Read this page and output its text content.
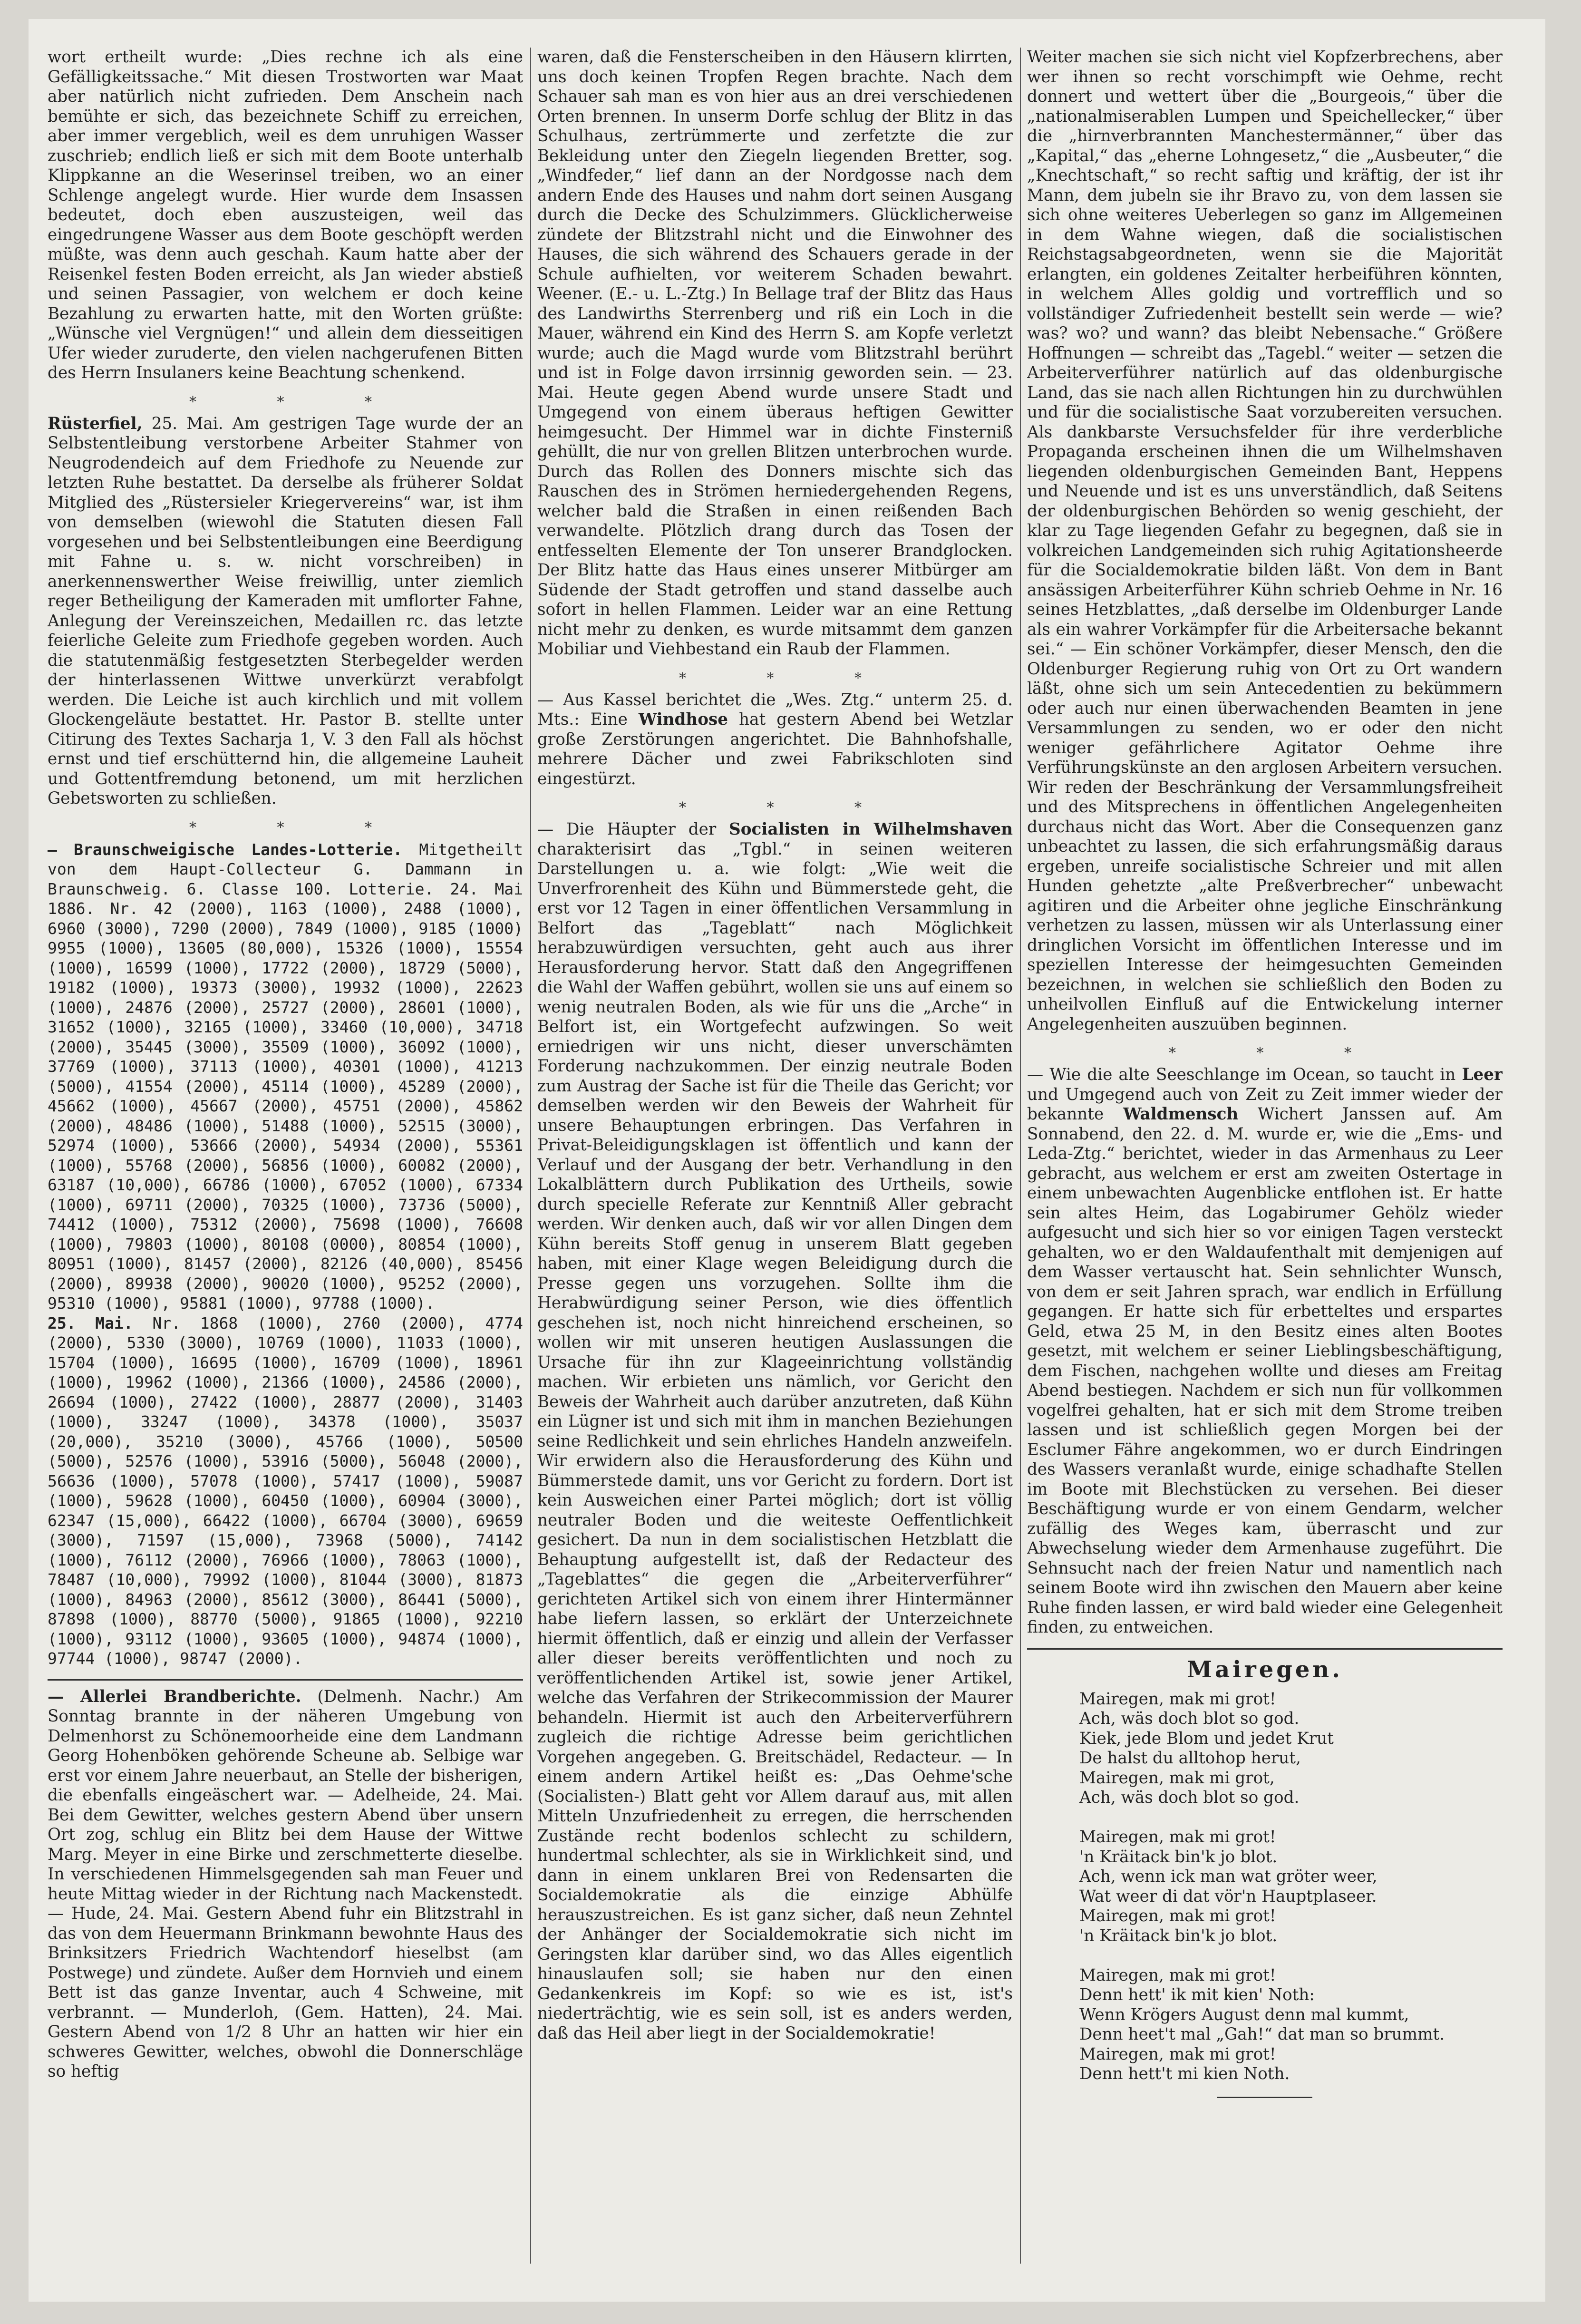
wort ertheilt wurde: „Dies rechne ich als eine Gefälligkeitssache.“ Mit diesen Trostworten war Maat aber natürlich nicht zufrieden. Dem Anschein nach bemühte er sich, das bezeichnete Schiff zu erreichen, aber immer vergeblich, weil es dem unruhigen Wasser zuschrieb; endlich ließ er sich mit dem Boote unterhalb Klippkanne an die Weserinsel treiben, wo an einer Schlenge angelegt wurde. Hier wurde dem Insassen bedeutet, doch eben auszusteigen, weil das eingedrungene Wasser aus dem Boote geschöpft werden müßte, was denn auch geschah. Kaum hatte aber der Reisenkel festen Boden erreicht, als Jan wieder abstieß und seinen Passagier, von welchem er doch keine Bezahlung zu erwarten hatte, mit den Worten grüßte: „Wünsche viel Vergnügen!“ und allein dem diesseitigen Ufer wieder zuruderte, den vielen nachgerufenen Bitten des Herrn Insulaners keine Beachtung schenkend.

* * *

Rüsterfiel, 25. Mai. Am gestrigen Tage wurde der an Selbstentleibung verstorbene Arbeiter Stahmer von Neugrodendeich auf dem Friedhofe zu Neuende zur letzten Ruhe bestattet. Da derselbe als früherer Soldat Mitglied des „Rüstersieler Kriegervereins“ war, ist ihm von demselben (wiewohl die Statuten diesen Fall vorgesehen und bei Selbstentleibungen eine Beerdigung mit Fahne u. s. w. nicht vorschreiben) in anerkennenswerther Weise freiwillig, unter ziemlich reger Betheiligung der Kameraden mit umflorter Fahne, Anlegung der Vereinszeichen, Medaillen rc. das letzte feierliche Geleite zum Friedhofe gegeben worden. Auch die statutenmäßig festgesetzten Sterbegelder werden der hinterlassenen Wittwe unverkürzt verabfolgt werden. Die Leiche ist auch kirchlich und mit vollem Glockengeläute bestattet. Hr. Pastor B. stellte unter Citirung des Textes Sacharja 1, V. 3 den Fall als höchst ernst und tief erschütternd hin, die allgemeine Lauheit und Gottentfremdung betonend, um mit herzlichen Gebetsworten zu schließen.

* * *

— Braunschweigische Landes-Lotterie. Mitgetheilt von dem Haupt-Collecteur G. Dammann in Braunschweig. 6. Classe 100. Lotterie. 24. Mai 1886. Nr. 42 (2000), 1163 (1000), 2488 (1000), 6960 (3000), 7290 (2000), 7849 (1000), 9185 (1000) 9955 (1000), 13605 (80,000), 15326 (1000), 15554 (1000), 16599 (1000), 17722 (2000), 18729 (5000), 19182 (1000), 19373 (3000), 19932 (1000), 22623 (1000), 24876 (2000), 25727 (2000), 28601 (1000), 31652 (1000), 32165 (1000), 33460 (10,000), 34718 (2000), 35445 (3000), 35509 (1000), 36092 (1000), 37769 (1000), 37113 (1000), 40301 (1000), 41213 (5000), 41554 (2000), 45114 (1000), 45289 (2000), 45662 (1000), 45667 (2000), 45751 (2000), 45862 (2000), 48486 (1000), 51488 (1000), 52515 (3000), 52974 (1000), 53666 (2000), 54934 (2000), 55361 (1000), 55768 (2000), 56856 (1000), 60082 (2000), 63187 (10,000), 66786 (1000), 67052 (1000), 67334 (1000), 69711 (2000), 70325 (1000), 73736 (5000), 74412 (1000), 75312 (2000), 75698 (1000), 76608 (1000), 79803 (1000), 80108 (0000), 80854 (1000), 80951 (1000), 81457 (2000), 82126 (40,000), 85456 (2000), 89938 (2000), 90020 (1000), 95252 (2000), 95310 (1000), 95881 (1000), 97788 (1000).
25. Mai. Nr. 1868 (1000), 2760 (2000), 4774 (2000), 5330 (3000), 10769 (1000), 11033 (1000), 15704 (1000), 16695 (1000), 16709 (1000), 18961 (1000), 19962 (1000), 21366 (1000), 24586 (2000), 26694 (1000), 27422 (1000), 28877 (2000), 31403 (1000), 33247 (1000), 34378 (1000), 35037 (20,000), 35210 (3000), 45766 (1000), 50500 (5000), 52576 (1000), 53916 (5000), 56048 (2000), 56636 (1000), 57078 (1000), 57417 (1000), 59087 (1000), 59628 (1000), 60450 (1000), 60904 (3000), 62347 (15,000), 66422 (1000), 66704 (3000), 69659 (3000), 71597 (15,000), 73968 (5000), 74142 (1000), 76112 (2000), 76966 (1000), 78063 (1000), 78487 (10,000), 79992 (1000), 81044 (3000), 81873 (1000), 84963 (2000), 85612 (3000), 86441 (5000), 87898 (1000), 88770 (5000), 91865 (1000), 92210 (1000), 93112 (1000), 93605 (1000), 94874 (1000), 97744 (1000), 98747 (2000).

— Allerlei Brandberichte. (Delmenh. Nachr.) Am Sonntag brannte in der näheren Umgebung von Delmenhorst zu Schönemoorheide eine dem Landmann Georg Hohenböken gehörende Scheune ab. Selbige war erst vor einem Jahre neuerbaut, an Stelle der bisherigen, die ebenfalls eingeäschert war. — Adelheide, 24. Mai. Bei dem Gewitter, welches gestern Abend über unsern Ort zog, schlug ein Blitz bei dem Hause der Wittwe Marg. Meyer in eine Birke und zerschmetterte dieselbe. In verschiedenen Himmelsgegenden sah man Feuer und heute Mittag wieder in der Richtung nach Mackenstedt. — Hude, 24. Mai. Gestern Abend fuhr ein Blitzstrahl in das von dem Heuermann Brinkmann bewohnte Haus des Brinksitzers Friedrich Wachtendorf hieselbst (am Postwege) und zündete. Außer dem Hornvieh und einem Bett ist das ganze Inventar, auch 4 Schweine, mit verbrannt. — Munderloh, (Gem. Hatten), 24. Mai. Gestern Abend von 1/2 8 Uhr an hatten wir hier ein schweres Gewitter, welches, obwohl die Donnerschläge so heftig

waren, daß die Fensterscheiben in den Häusern klirrten, uns doch keinen Tropfen Regen brachte. Nach dem Schauer sah man es von hier aus an drei verschiedenen Orten brennen. In unserm Dorfe schlug der Blitz in das Schulhaus, zertrümmerte und zerfetzte die zur Bekleidung unter den Ziegeln liegenden Bretter, sog. „Windfeder,“ lief dann an der Nordgosse nach dem andern Ende des Hauses und nahm dort seinen Ausgang durch die Decke des Schulzimmers. Glücklicherweise zündete der Blitzstrahl nicht und die Einwohner des Hauses, die sich während des Schauers gerade in der Schule aufhielten, vor weiterem Schaden bewahrt. Weener. (E.- u. L.-Ztg.) In Bellage traf der Blitz das Haus des Landwirths Sterrenberg und riß ein Loch in die Mauer, während ein Kind des Herrn S. am Kopfe verletzt wurde; auch die Magd wurde vom Blitzstrahl berührt und ist in Folge davon irrsinnig geworden sein. — 23. Mai. Heute gegen Abend wurde unsere Stadt und Umgegend von einem überaus heftigen Gewitter heimgesucht. Der Himmel war in dichte Finsterniß gehüllt, die nur von grellen Blitzen unterbrochen wurde. Durch das Rollen des Donners mischte sich das Rauschen des in Strömen herniedergehenden Regens, welcher bald die Straßen in einen reißenden Bach verwandelte. Plötzlich drang durch das Tosen der entfesselten Elemente der Ton unserer Brandglocken. Der Blitz hatte das Haus eines unserer Mitbürger am Südende der Stadt getroffen und stand dasselbe auch sofort in hellen Flammen. Leider war an eine Rettung nicht mehr zu denken, es wurde mitsammt dem ganzen Mobiliar und Viehbestand ein Raub der Flammen.

* * *

— Aus Kassel berichtet die „Wes. Ztg.“ unterm 25. d. Mts.: Eine Windhose hat gestern Abend bei Wetzlar große Zerstörungen angerichtet. Die Bahnhofshalle, mehrere Dächer und zwei Fabrikschloten sind eingestürzt.

* * *

— Die Häupter der Socialisten in Wilhelmshaven charakterisirt das „Tgbl.“ in seinen weiteren Darstellungen u. a. wie folgt: „Wie weit die Unverfrorenheit des Kühn und Bümmerstede geht, die erst vor 12 Tagen in einer öffentlichen Versammlung in Belfort das „Tageblatt“ nach Möglichkeit herabzuwürdigen versuchten, geht auch aus ihrer Herausforderung hervor. Statt daß den Angegriffenen die Wahl der Waffen gebührt, wollen sie uns auf einem so wenig neutralen Boden, als wie für uns die „Arche“ in Belfort ist, ein Wortgefecht aufzwingen. So weit erniedrigen wir uns nicht, dieser unverschämten Forderung nachzukommen. Der einzig neutrale Boden zum Austrag der Sache ist für die Theile das Gericht; vor demselben werden wir den Beweis der Wahrheit für unsere Behauptungen erbringen. Das Verfahren in Privat-Beleidigungsklagen ist öffentlich und kann der Verlauf und der Ausgang der betr. Verhandlung in den Lokalblättern durch Publikation des Urtheils, sowie durch specielle Referate zur Kenntniß Aller gebracht werden. Wir denken auch, daß wir vor allen Dingen dem Kühn bereits Stoff genug in unserem Blatt gegeben haben, mit einer Klage wegen Beleidigung durch die Presse gegen uns vorzugehen. Sollte ihm die Herabwürdigung seiner Person, wie dies öffentlich geschehen ist, noch nicht hinreichend erscheinen, so wollen wir mit unseren heutigen Auslassungen die Ursache für ihn zur Klageeinrichtung vollständig machen. Wir erbieten uns nämlich, vor Gericht den Beweis der Wahrheit auch darüber anzutreten, daß Kühn ein Lügner ist und sich mit ihm in manchen Beziehungen seine Redlichkeit und sein ehrliches Handeln anzweifeln. Wir erwidern also die Herausforderung des Kühn und Bümmerstede damit, uns vor Gericht zu fordern. Dort ist kein Ausweichen einer Partei möglich; dort ist völlig neutraler Boden und die weiteste Oeffentlichkeit gesichert. Da nun in dem socialistischen Hetzblatt die Behauptung aufgestellt ist, daß der Redacteur des „Tageblattes“ die gegen die „Arbeiterverführer“ gerichteten Artikel sich von einem ihrer Hintermänner habe liefern lassen, so erklärt der Unterzeichnete hiermit öffentlich, daß er einzig und allein der Verfasser aller dieser bereits veröffentlichten und noch zu veröffentlichenden Artikel ist, sowie jener Artikel, welche das Verfahren der Strikecommission der Maurer behandeln. Hiermit ist auch den Arbeiterverführern zugleich die richtige Adresse beim gerichtlichen Vorgehen angegeben. G. Breitschädel, Redacteur. — In einem andern Artikel heißt es: „Das Oehme'sche (Socialisten-) Blatt geht vor Allem darauf aus, mit allen Mitteln Unzufriedenheit zu erregen, die herrschenden Zustände recht bodenlos schlecht zu schildern, hundertmal schlechter, als sie in Wirklichkeit sind, und dann in einem unklaren Brei von Redensarten die Socialdemokratie als die einzige Abhülfe herauszustreichen. Es ist ganz sicher, daß neun Zehntel der Anhänger der Socialdemokratie sich nicht im Geringsten klar darüber sind, wo das Alles eigentlich hinauslaufen soll; sie haben nur den einen Gedankenkreis im Kopf: so wie es ist, ist's niederträchtig, wie es sein soll, ist es anders werden, daß das Heil aber liegt in der Socialdemokratie!

Weiter machen sie sich nicht viel Kopfzerbrechens, aber wer ihnen so recht vorschimpft wie Oehme, recht donnert und wettert über die „Bourgeois,“ über die „nationalmiserablen Lumpen und Speichellecker,“ über die „hirnverbrannten Manchestermänner,“ über das „Kapital,“ das „eherne Lohngesetz,“ die „Ausbeuter,“ die „Knechtschaft,“ so recht saftig und kräftig, der ist ihr Mann, dem jubeln sie ihr Bravo zu, von dem lassen sie sich ohne weiteres Ueberlegen so ganz im Allgemeinen in dem Wahne wiegen, daß die socialistischen Reichstagsabgeordneten, wenn sie die Majorität erlangten, ein goldenes Zeitalter herbeiführen könnten, in welchem Alles goldig und vortrefflich und so vollständiger Zufriedenheit bestellt sein werde — wie? was? wo? und wann? das bleibt Nebensache.“ Größere Hoffnungen — schreibt das „Tagebl.“ weiter — setzen die Arbeiterverführer natürlich auf das oldenburgische Land, das sie nach allen Richtungen hin zu durchwühlen und für die socialistische Saat vorzubereiten versuchen. Als dankbarste Versuchsfelder für ihre verderbliche Propaganda erscheinen ihnen die um Wilhelmshaven liegenden oldenburgischen Gemeinden Bant, Heppens und Neuende und ist es uns unverständlich, daß Seitens der oldenburgischen Behörden so wenig geschieht, der klar zu Tage liegenden Gefahr zu begegnen, daß sie in volkreichen Landgemeinden sich ruhig Agitationsheerde für die Socialdemokratie bilden läßt. Von dem in Bant ansässigen Arbeiterführer Kühn schrieb Oehme in Nr. 16 seines Hetzblattes, „daß derselbe im Oldenburger Lande als ein wahrer Vorkämpfer für die Arbeitersache bekannt sei.“ — Ein schöner Vorkämpfer, dieser Mensch, den die Oldenburger Regierung ruhig von Ort zu Ort wandern läßt, ohne sich um sein Antecedentien zu bekümmern oder auch nur einen überwachenden Beamten in jene Versammlungen zu senden, wo er oder den nicht weniger gefährlichere Agitator Oehme ihre Verführungskünste an den arglosen Arbeitern versuchen. Wir reden der Beschränkung der Versammlungsfreiheit und des Mitsprechens in öffentlichen Angelegenheiten durchaus nicht das Wort. Aber die Consequenzen ganz unbeachtet zu lassen, die sich erfahrungsmäßig daraus ergeben, unreife socialistische Schreier und mit allen Hunden gehetzte „alte Preßverbrecher“ unbewacht agitiren und die Arbeiter ohne jegliche Einschränkung verhetzen zu lassen, müssen wir als Unterlassung einer dringlichen Vorsicht im öffentlichen Interesse und im speziellen Interesse der heimgesuchten Gemeinden bezeichnen, in welchen sie schließlich den Boden zu unheilvollen Einfluß auf die Entwickelung interner Angelegenheiten auszuüben beginnen.

* * *

— Wie die alte Seeschlange im Ocean, so taucht in Leer und Umgegend auch von Zeit zu Zeit immer wieder der bekannte Waldmensch Wichert Janssen auf. Am Sonnabend, den 22. d. M. wurde er, wie die „Ems- und Leda-Ztg.“ berichtet, wieder in das Armenhaus zu Leer gebracht, aus welchem er erst am zweiten Ostertage in einem unbewachten Augenblicke entflohen ist. Er hatte sein altes Heim, das Logabirumer Gehölz wieder aufgesucht und sich hier so vor einigen Tagen versteckt gehalten, wo er den Waldaufenthalt mit demjenigen auf dem Wasser vertauscht hat. Sein sehnlichter Wunsch, von dem er seit Jahren sprach, war endlich in Erfüllung gegangen. Er hatte sich für erbetteltes und erspartes Geld, etwa 25 M, in den Besitz eines alten Bootes gesetzt, mit welchem er seiner Lieblingsbeschäftigung, dem Fischen, nachgehen wollte und dieses am Freitag Abend bestiegen. Nachdem er sich nun für vollkommen vogelfrei gehalten, hat er sich mit dem Strome treiben lassen und ist schließlich gegen Morgen bei der Esclumer Fähre angekommen, wo er durch Eindringen des Wassers veranlaßt wurde, einige schadhafte Stellen im Boote mit Blechstücken zu versehen. Bei dieser Beschäftigung wurde er von einem Gendarm, welcher zufällig des Weges kam, überrascht und zur Abwechselung wieder dem Armenhause zugeführt. Die Sehnsucht nach der freien Natur und namentlich nach seinem Boote wird ihn zwischen den Mauern aber keine Ruhe finden lassen, er wird bald wieder eine Gelegenheit finden, zu entweichen.

Mairegen.

Mairegen, mak mi grot!
Ach, wäs doch blot so god.
Kiek, jede Blom und jedet Krut
De halst du alltohop herut,
Mairegen, mak mi grot,
Ach, wäs doch blot so god.

Mairegen, mak mi grot!
'n Kräitack bin'k jo blot.
Ach, wenn ick man wat gröter weer,
Wat weer di dat vör'n Hauptplaseer.
Mairegen, mak mi grot!
'n Kräitack bin'k jo blot.

Mairegen, mak mi grot!
Denn hett' ik mit kien' Noth:
Wenn Krögers August denn mal kummt,
Denn heet't mal „Gah!“ dat man so brummt.
Mairegen, mak mi grot!
Denn hett't mi kien Noth.
